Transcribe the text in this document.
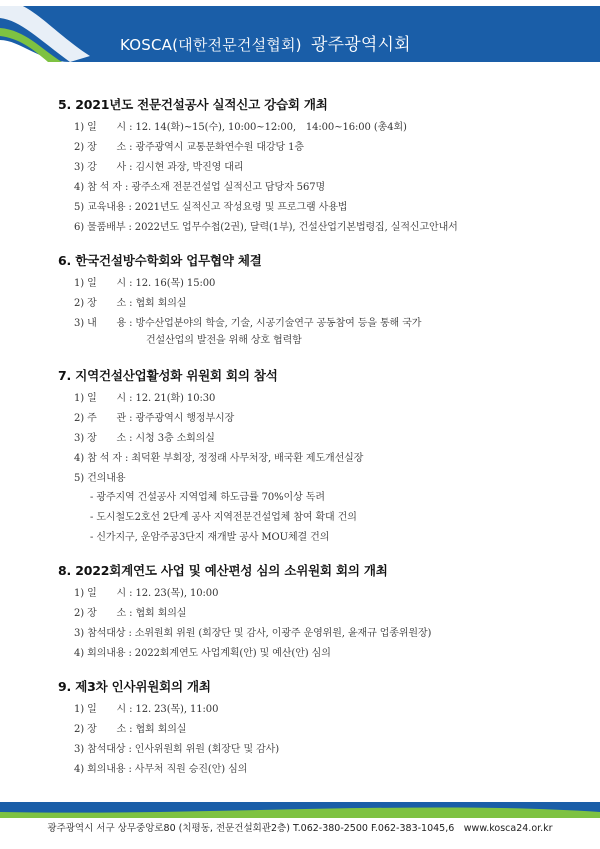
KOSCA(대한전문건설협회) 광주광역시회
5. 2021년도 전문건설공사 실적신고 강습회 개최
1) 일　　시 : 12. 14(화)~15(수), 10:00~12:00,　14:00~16:00 (총4회)
2) 장　　소 : 광주광역시 교통문화연수원 대강당 1층
3) 강　　사 : 김시현 과장, 박진영 대리
4) 참 석 자 : 광주소재 전문건설업 실적신고 담당자 567명
5) 교육내용 : 2021년도 실적신고 작성요령 및 프로그램 사용법
6) 물품배부 : 2022년도 업무수첩(2권), 달력(1부), 건설산업기본법령집, 실적신고안내서
6. 한국건설방수학회와 업무협약 체결
1) 일　　시 : 12. 16(목) 15:00
2) 장　　소 : 협회 회의실
3) 내　　용 : 방수산업분야의 학술, 기술, 시공기술연구 공동참여 등을 통해 국가
건설산업의 발전을 위해 상호 협력함
7. 지역건설산업활성화 위원회 회의 참석
1) 일　　시 : 12. 21(화) 10:30
2) 주　　관 : 광주광역시 행정부시장
3) 장　　소 : 시청 3층 소회의실
4) 참 석 자 : 최덕환 부회장, 정정래 사무처장, 배국환 제도개선실장
5) 건의내용
- 광주지역 건설공사 지역업체 하도급률 70%이상 독려
- 도시철도2호선 2단계 공사 지역전문건설업체 참여 확대 건의
- 신가지구, 운암주공3단지 재개발 공사 MOU체결 건의
8. 2022회계연도 사업 및 예산편성 심의 소위원회 회의 개최
1) 일　　시 : 12. 23(목), 10:00
2) 장　　소 : 협회 회의실
3) 참석대상 : 소위원회 위원 (회장단 및 감사, 이광주 운영위원, 윤재규 업종위원장)
4) 회의내용 : 2022회계연도 사업계획(안) 및 예산(안) 심의
9. 제3차 인사위원회의 개최
1) 일　　시 : 12. 23(목), 11:00
2) 장　　소 : 협회 회의실
3) 참석대상 : 인사위원회 위원 (회장단 및 감사)
4) 회의내용 : 사무처 직원 승진(안) 심의
광주광역시 서구 상무중앙로80 (치평동, 전문건설회관2층) T.062-380-2500 F.062-383-1045,6　www.kosca24.or.kr
